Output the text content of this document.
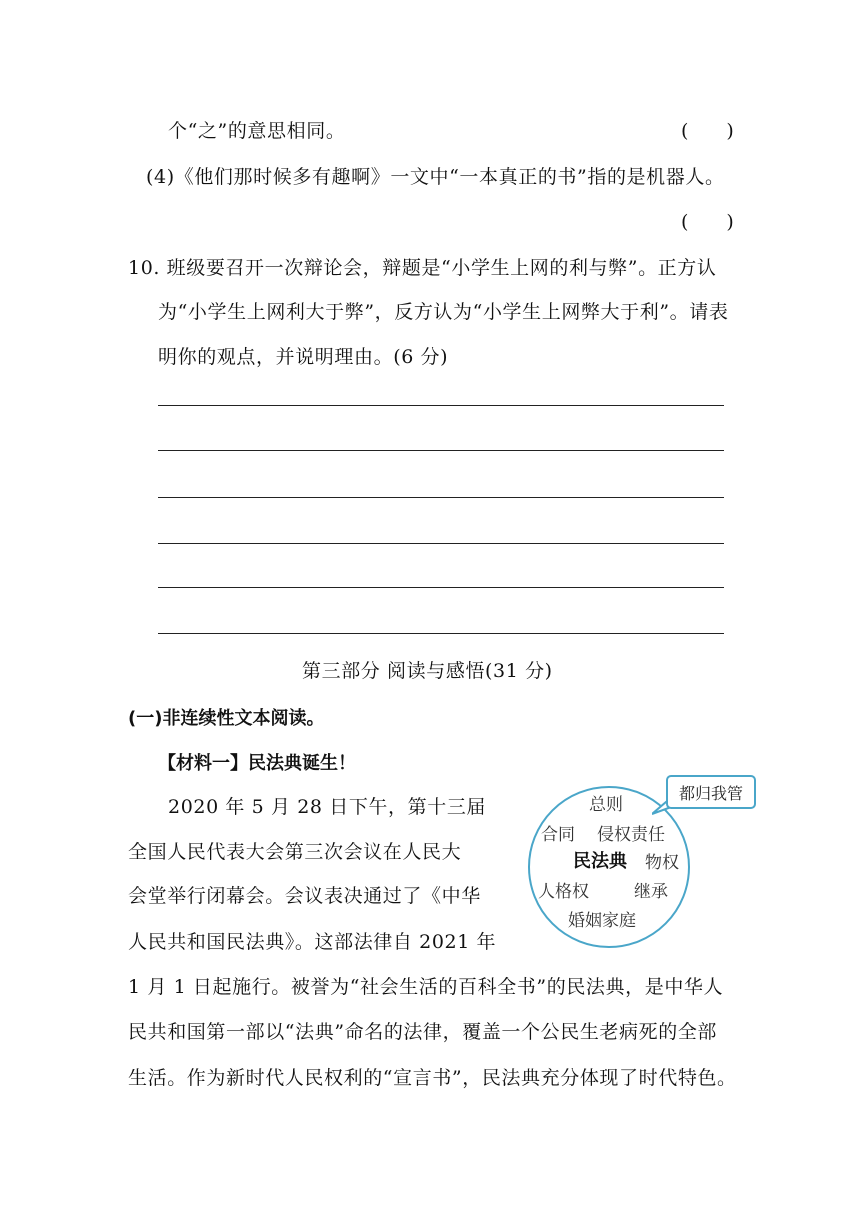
个“之”的意思相同。	(　　)
(4)《他们那时候多有趣啊》一文中“一本真正的书”指的是机器人。
(　　)
10. 班级要召开一次辩论会，辩题是“小学生上网的利与弊”。正方认
为“小学生上网利大于弊”，反方认为“小学生上网弊大于利”。请表
明你的观点，并说明理由。(6 分)
第三部分 阅读与感悟(31 分)
(一)非连续性文本阅读。
【材料一】民法典诞生！
2020 年 5 月 28 日下午，第十三届
全国人民代表大会第三次会议在人民大
会堂举行闭幕会。会议表决通过了《中华
人民共和国民法典》。这部法律自 2021 年
1 月 1 日起施行。被誉为“社会生活的百科全书”的民法典，是中华人
民共和国第一部以“法典”命名的法律，覆盖一个公民生老病死的全部
生活。作为新时代人民权利的“宣言书”，民法典充分体现了时代特色。
都归我管
总则
合同 侵权责任
民法典 物权
人格权	继承
婚姻家庭
